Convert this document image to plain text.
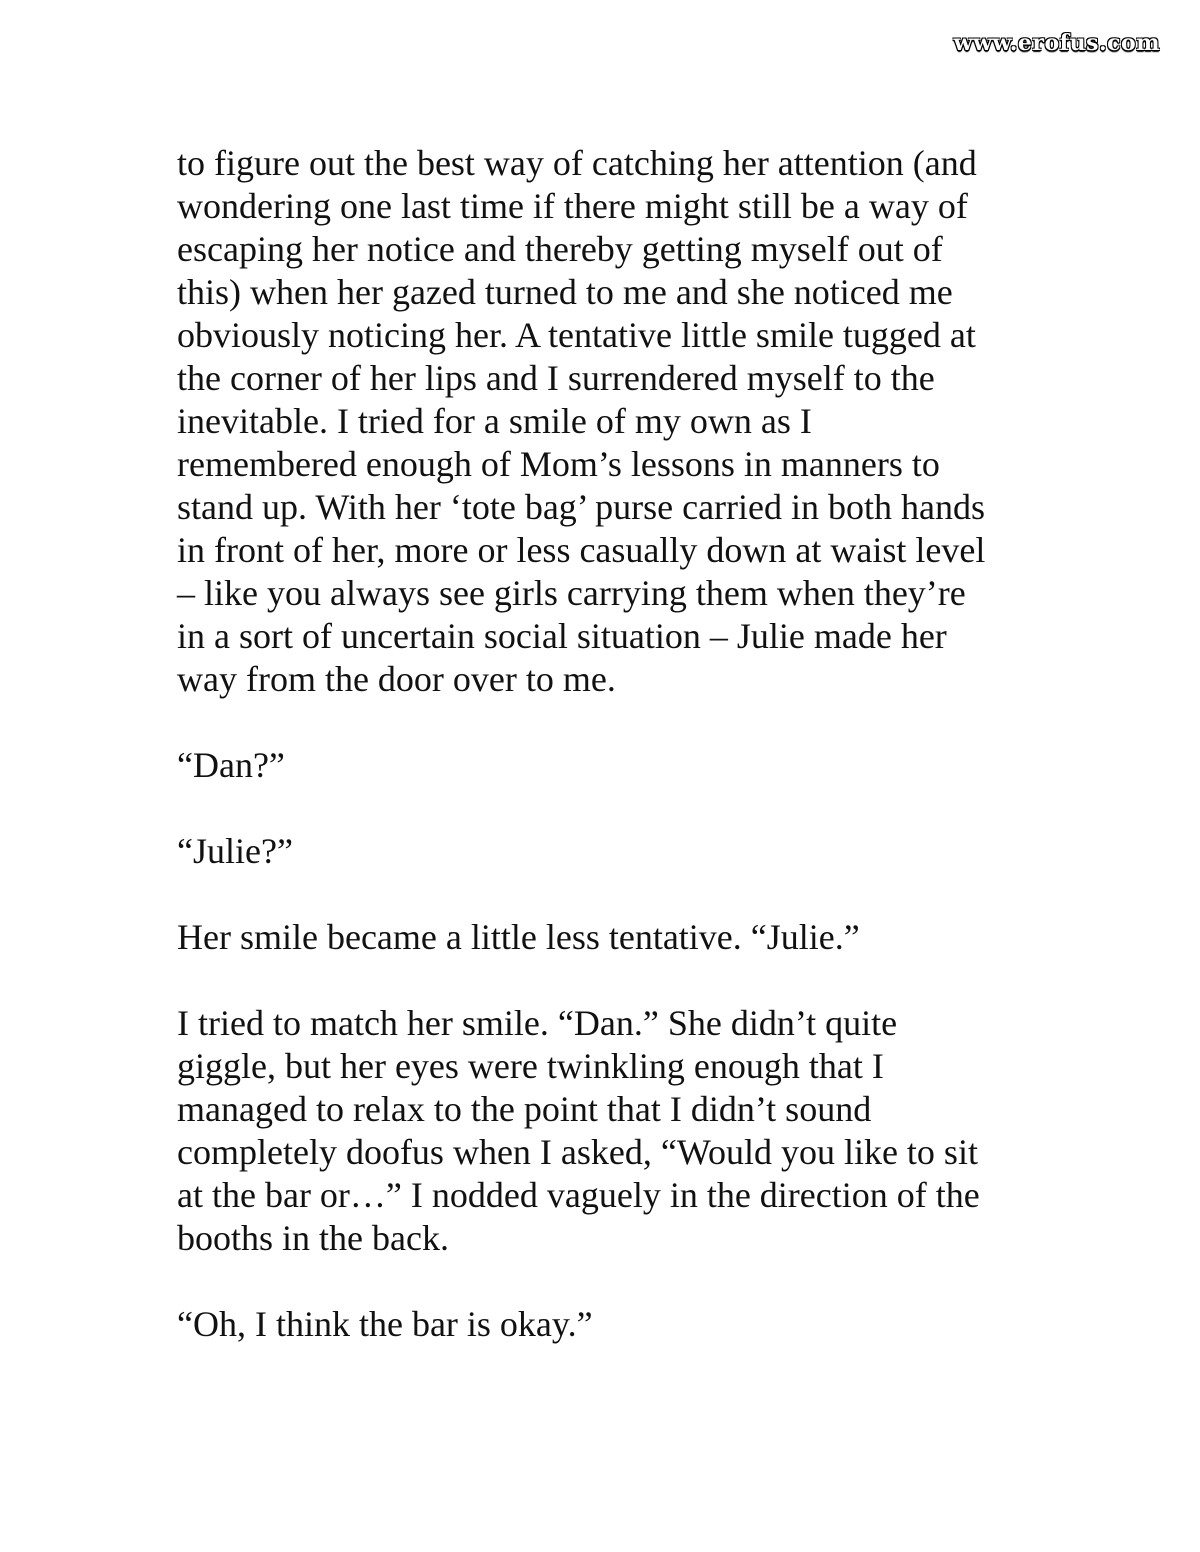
www.erofus.com

to figure out the best way of catching her attention (and
wondering one last time if there might still be a way of
escaping her notice and thereby getting myself out of
this) when her gazed turned to me and she noticed me
obviously noticing her. A tentative little smile tugged at
the corner of her lips and I surrendered myself to the
inevitable. I tried for a smile of my own as I
remembered enough of Mom’s lessons in manners to
stand up. With her ‘tote bag’ purse carried in both hands
in front of her, more or less casually down at waist level
– like you always see girls carrying them when they’re
in a sort of uncertain social situation – Julie made her
way from the door over to me.

“Dan?”

“Julie?”

Her smile became a little less tentative. “Julie.”

I tried to match her smile. “Dan.” She didn’t quite
giggle, but her eyes were twinkling enough that I
managed to relax to the point that I didn’t sound
completely doofus when I asked, “Would you like to sit
at the bar or…” I nodded vaguely in the direction of the
booths in the back.

“Oh, I think the bar is okay.”
